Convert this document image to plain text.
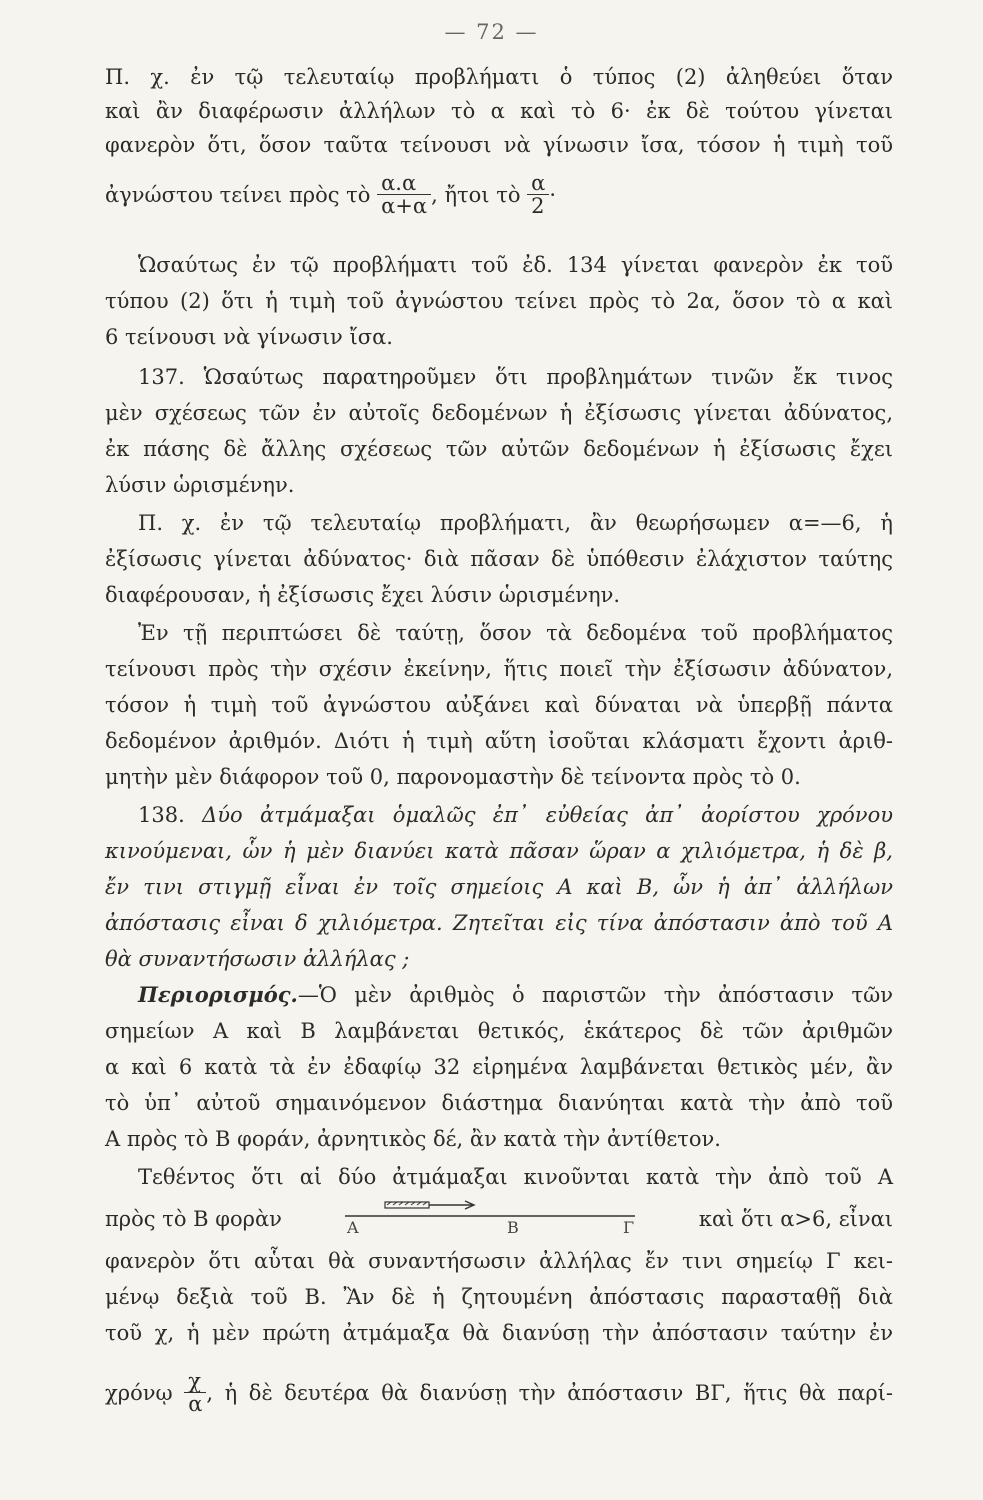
— 72 —
Π. χ. ἐν τῷ τελευταίῳ προβλήματι ὁ τύπος (2) ἀληθεύει ὅταν
καὶ ἂν διαφέρωσιν ἀλλήλων τὸ α καὶ τὸ 6· ἐκ δὲ τούτου γίνεται
φανερὸν ὅτι, ὅσον ταῦτα τείνουσι νὰ γίνωσιν ἴσα, τόσον ἡ τιμὴ τοῦ
ἀγνώστου τείνει πρὸς τὸ $\frac{\alpha.\alpha}{\alpha+\alpha}$ , ἤτοι τὸ $\frac{\alpha}{2}$ ·
Ὡσαύτως ἐν τῷ προβλήματι τοῦ ἐδ. 134 γίνεται φανερὸν ἐκ τοῦ
τύπου (2) ὅτι ἡ τιμὴ τοῦ ἀγνώστου τείνει πρὸς τὸ 2α, ὅσον τὸ α καὶ
6 τείνουσι νὰ γίνωσιν ἴσα.
137. Ὡσαύτως παρατηροῦμεν ὅτι προβλημάτων τινῶν ἔκ τινος
μὲν σχέσεως τῶν ἐν αὐτοῖς δεδομένων ἡ ἐξίσωσις γίνεται ἀδύνατος,
ἐκ πάσης δὲ ἄλλης σχέσεως τῶν αὐτῶν δεδομένων ἡ ἐξίσωσις ἔχει
λύσιν ὡρισμένην.
Π. χ. ἐν τῷ τελευταίῳ προβλήματι, ἂν θεωρήσωμεν α=—6, ἡ
ἐξίσωσις γίνεται ἀδύνατος· διὰ πᾶσαν δὲ ὑπόθεσιν ἐλάχιστον ταύτης
διαφέρουσαν, ἡ ἐξίσωσις ἔχει λύσιν ὡρισμένην.
Ἐν τῇ περιπτώσει δὲ ταύτῃ, ὅσον τὰ δεδομένα τοῦ προβλήματος
τείνουσι πρὸς τὴν σχέσιν ἐκείνην, ἥτις ποιεῖ τὴν ἐξίσωσιν ἀδύνατον,
τόσον ἡ τιμὴ τοῦ ἀγνώστου αὐξάνει καὶ δύναται νὰ ὑπερβῇ πάντα
δεδομένον ἀριθμόν. Διότι ἡ τιμὴ αὕτη ἰσοῦται κλάσματι ἔχοντι ἀριθ-
μητὴν μὲν διάφορον τοῦ 0, παρονομαστὴν δὲ τείνοντα πρὸς τὸ 0.
138. Δύο ἀτμάμαξαι ὁμαλῶς ἐπ᾽ εὐθείας ἀπ᾽ ἀορίστου χρόνου
κινούμεναι, ὧν ἡ μὲν διανύει κατὰ πᾶσαν ὥραν α χιλιόμετρα, ἡ δὲ β,
ἔν τινι στιγμῇ εἶναι ἐν τοῖς σημείοις Α καὶ Β, ὧν ἡ ἀπ᾽ ἀλλήλων
ἀπόστασις εἶναι δ χιλιόμετρα. Ζητεῖται εἰς τίνα ἀπόστασιν ἀπὸ τοῦ Α
θὰ συναντήσωσιν ἀλλήλας ;
Περιορισμός.—Ὁ μὲν ἀριθμὸς ὁ παριστῶν τὴν ἀπόστασιν τῶν
σημείων Α καὶ Β λαμβάνεται θετικός, ἑκάτερος δὲ τῶν ἀριθμῶν
α καὶ 6 κατὰ τὰ ἐν ἐδαφίῳ 32 εἰρημένα λαμβάνεται θετικὸς μέν, ἂν
τὸ ὑπ᾽ αὐτοῦ σημαινόμενον διάστημα διανύηται κατὰ τὴν ἀπὸ τοῦ
Α πρὸς τὸ Β φοράν, ἀρνητικὸς δέ, ἂν κατὰ τὴν ἀντίθετον.
Τεθέντος ὅτι αἱ δύο ἀτμάμαξαι κινοῦνται κατὰ τὴν ἀπὸ τοῦ Α
πρὸς τὸ Β φορὰν	καὶ ὅτι α>6, εἶναι
Α	Β	Γ
φανερὸν ὅτι αὗται θὰ συναντήσωσιν ἀλλήλας ἔν τινι σημείῳ Γ κει-
μένῳ δεξιὰ τοῦ Β. Ἂν δὲ ἡ ζητουμένη ἀπόστασις παρασταθῇ διὰ
τοῦ χ, ἡ μὲν πρώτη ἀτμάμαξα θὰ διανύσῃ τὴν ἀπόστασιν ταύτην ἐν
χρόνῳ $\frac{\chi}{\alpha}$ , ἡ δὲ δευτέρα θὰ διανύσῃ τὴν ἀπόστασιν ΒΓ, ἥτις θὰ παρί-
